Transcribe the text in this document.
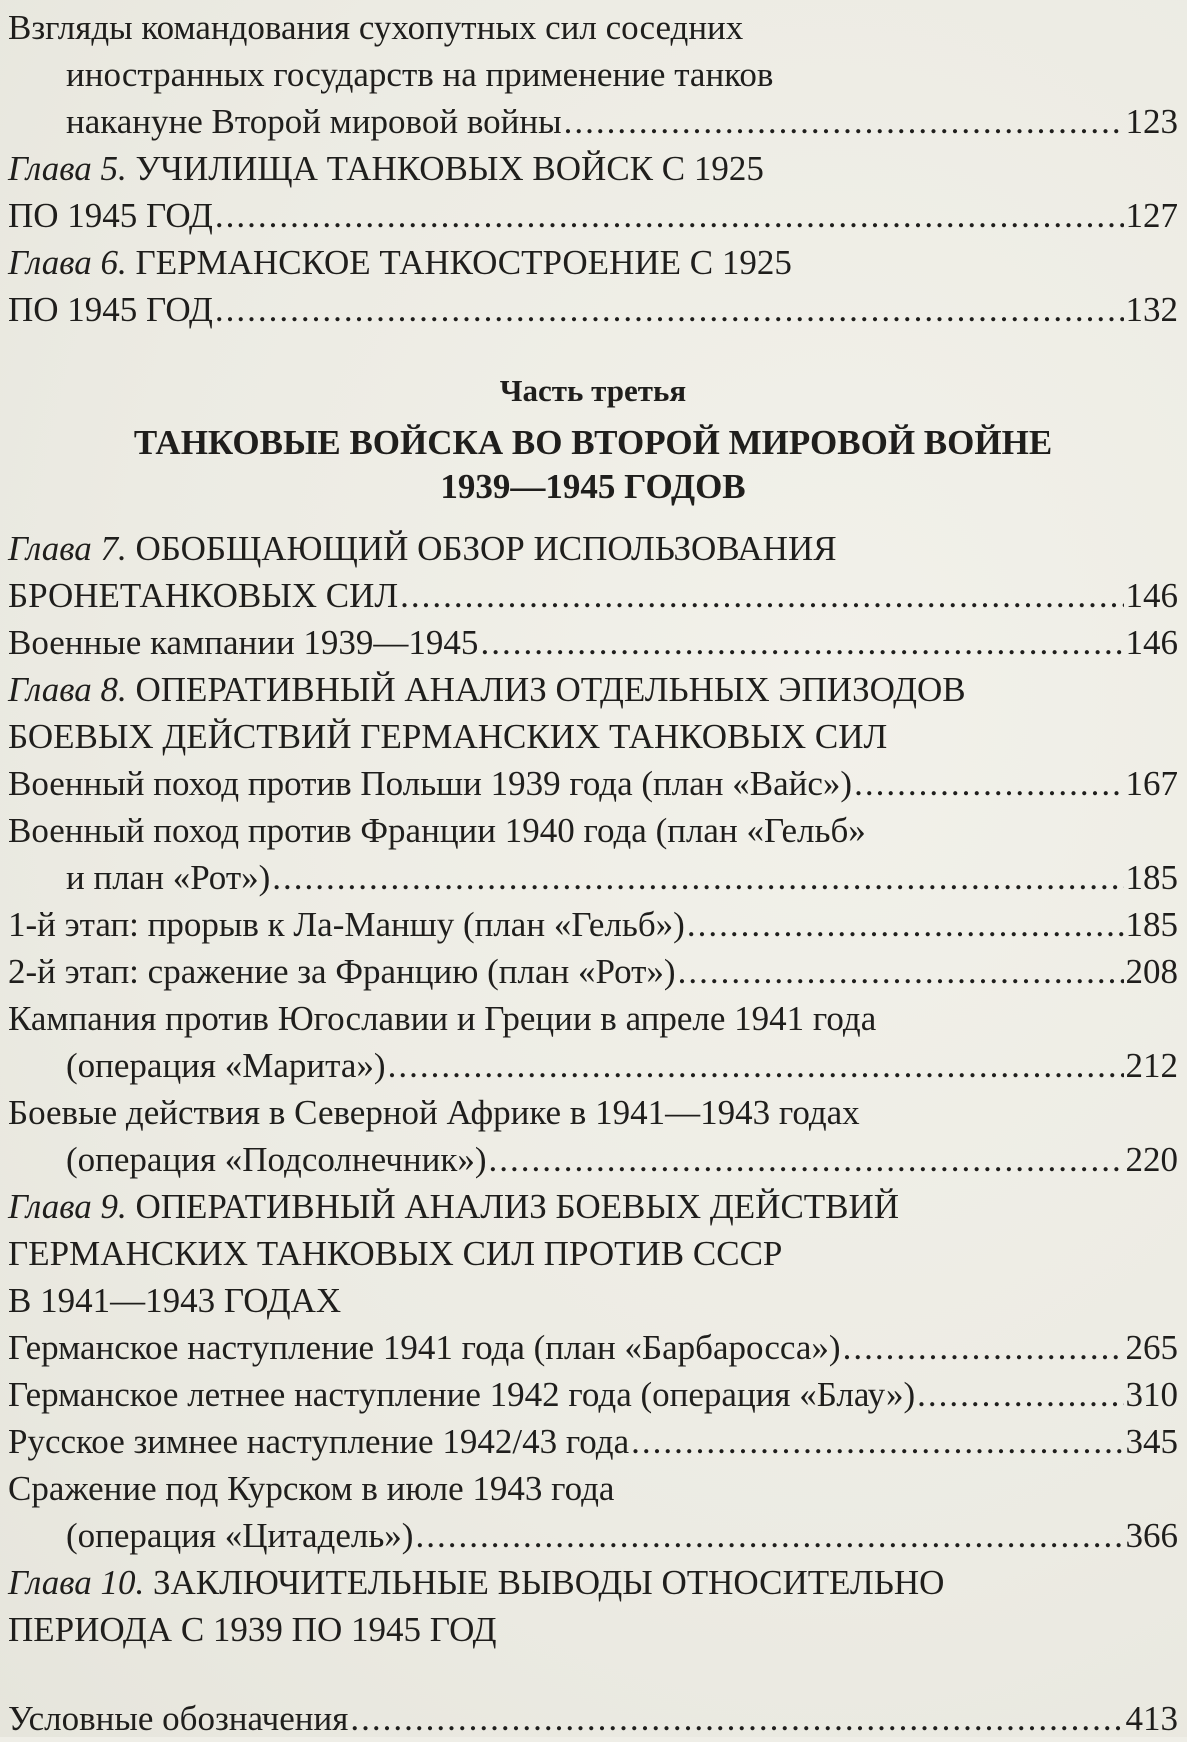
Взгляды командования сухопутных сил соседних
иностранных государств на применение танков
накануне Второй мировой войны .....	123
Глава 5. УЧИЛИЩА ТАНКОВЫХ ВОЙСК С 1925
ПО 1945 ГОД .....	127
Глава 6. ГЕРМАНСКОЕ ТАНКОСТРОЕНИЕ С 1925
ПО 1945 ГОД .....	132
Часть третья
ТАНКОВЫЕ ВОЙСКА ВО ВТОРОЙ МИРОВОЙ ВОЙНЕ
1939—1945 ГОДОВ
Глава 7. ОБОБЩАЮЩИЙ ОБЗОР ИСПОЛЬЗОВАНИЯ
БРОНЕТАНКОВЫХ СИЛ .....	146
Военные кампании 1939—1945 .....	146
Глава 8. ОПЕРАТИВНЫЙ АНАЛИЗ ОТДЕЛЬНЫХ ЭПИЗОДОВ
БОЕВЫХ ДЕЙСТВИЙ ГЕРМАНСКИХ ТАНКОВЫХ СИЛ
Военный поход против Польши 1939 года (план «Вайс») .....	167
Военный поход против Франции 1940 года (план «Гельб»
и план «Рот») .....	185
1-й этап: прорыв к Ла-Маншу (план «Гельб») .....	185
2-й этап: сражение за Францию (план «Рот») .....	208
Кампания против Югославии и Греции в апреле 1941 года
(операция «Марита») .....	212
Боевые действия в Северной Африке в 1941—1943 годах
(операция «Подсолнечник») .....	220
Глава 9. ОПЕРАТИВНЫЙ АНАЛИЗ БОЕВЫХ ДЕЙСТВИЙ
ГЕРМАНСКИХ ТАНКОВЫХ СИЛ ПРОТИВ СССР
В 1941—1943 ГОДАХ
Германское наступление 1941 года (план «Барбаросса») .....	265
Германское летнее наступление 1942 года (операция «Блау») .....	310
Русское зимнее наступление 1942/43 года .....	345
Сражение под Курском в июле 1943 года
(операция «Цитадель») .....	366
Глава 10. ЗАКЛЮЧИТЕЛЬНЫЕ ВЫВОДЫ ОТНОСИТЕЛЬНО
ПЕРИОДА С 1939 ПО 1945 ГОД
Условные обозначения .....	413
